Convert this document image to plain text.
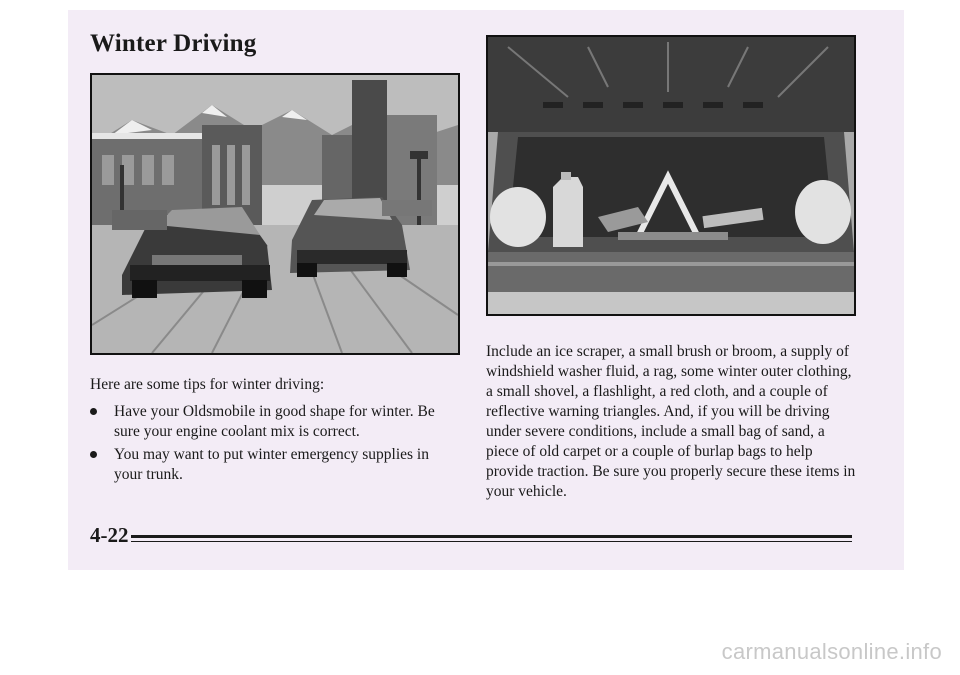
Winter Driving
Here are some tips for winter driving:
Have your Oldsmobile in good shape for winter. Be sure your engine coolant mix is correct.
You may want to put winter emergency supplies in your trunk.
Include an ice scraper, a small brush or broom, a supply of windshield washer fluid, a rag, some winter outer clothing, a small shovel, a flashlight, a red cloth, and a couple of reflective warning triangles. And, if you will be driving under severe conditions, include a small bag of sand, a piece of old carpet or a couple of burlap bags to help provide traction. Be sure you properly secure these items in your vehicle.
4-22
carmanualsonline.info
